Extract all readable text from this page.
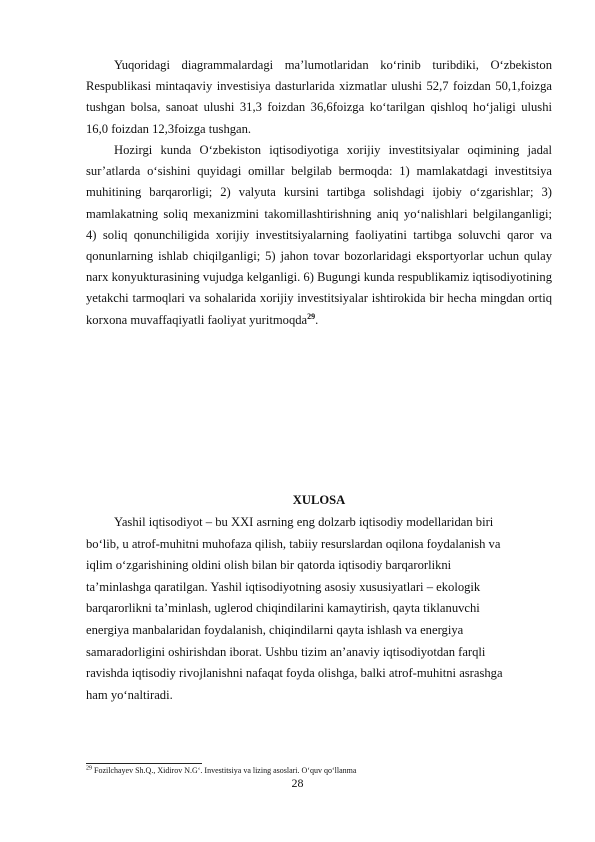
Yuqoridagi diagrammalardagi ma’lumotlaridan ko‘rinib turibdiki, O‘zbekiston Respublikasi mintaqaviy investisiya dasturlarida xizmatlar ulushi 52,7 foizdan 50,1,foizga tushgan bolsa, sanoat ulushi 31,3 foizdan 36,6foizga ko‘tarilgan qishloq ho‘jaligi ulushi 16,0 foizdan 12,3foizga tushgan.

Hozirgi kunda O‘zbekiston iqtisodiyotiga xorijiy investitsiyalar oqimining jadal sur’atlarda o‘sishini quyidagi omillar belgilab bermoqda: 1) mamlakatdagi investitsiya muhitining barqarorligi; 2) valyuta kursini tartibga solishdagi ijobiy o‘zgarishlar; 3) mamlakatning soliq mexanizmini takomillashtirishning aniq yo‘nalishlari belgilanganligi; 4) soliq qonunchiligida xorijiy investitsiyalarning faoliyatini tartibga soluvchi qaror va qonunlarning ishlab chiqilganligi; 5) jahon tovar bozorlaridagi eksportyorlar uchun qulay narx konyukturasining vujudga kelganligi. 6) Bugungi kunda respublikamiz iqtisodiyotining yetakchi tarmoqlari va sohalarida xorijiy investitsiyalar ishtirokida bir hecha mingdan ortiq korxona muvaffaqiyatli faoliyat yuritmoqda$^{29}$.

XULOSA
Yashil iqtisodiyot – bu XXI asrning eng dolzarb iqtisodiy modellaridan biri
bo‘lib, u atrof-muhitni muhofaza qilish, tabiiy resurslardan oqilona foydalanish va
iqlim o‘zgarishining oldini olish bilan bir qatorda iqtisodiy barqarorlikni
ta’minlashga qaratilgan. Yashil iqtisodiyotning asosiy xususiyatlari – ekologik
barqarorlikni ta’minlash, uglerod chiqindilarini kamaytirish, qayta tiklanuvchi
energiya manbalaridan foydalanish, chiqindilarni qayta ishlash va energiya
samaradorligini oshirishdan iborat. Ushbu tizim an’anaviy iqtisodiyotdan farqli
ravishda iqtisodiy rivojlanishni nafaqat foyda olishga, balki atrof-muhitni asrashga
ham yo‘naltiradi.

$^{29}$ Fozilchayev Sh.Q., Xidirov N.G‘. Investitsiya va lizing asoslari. O‘quv qo‘llanma

28
